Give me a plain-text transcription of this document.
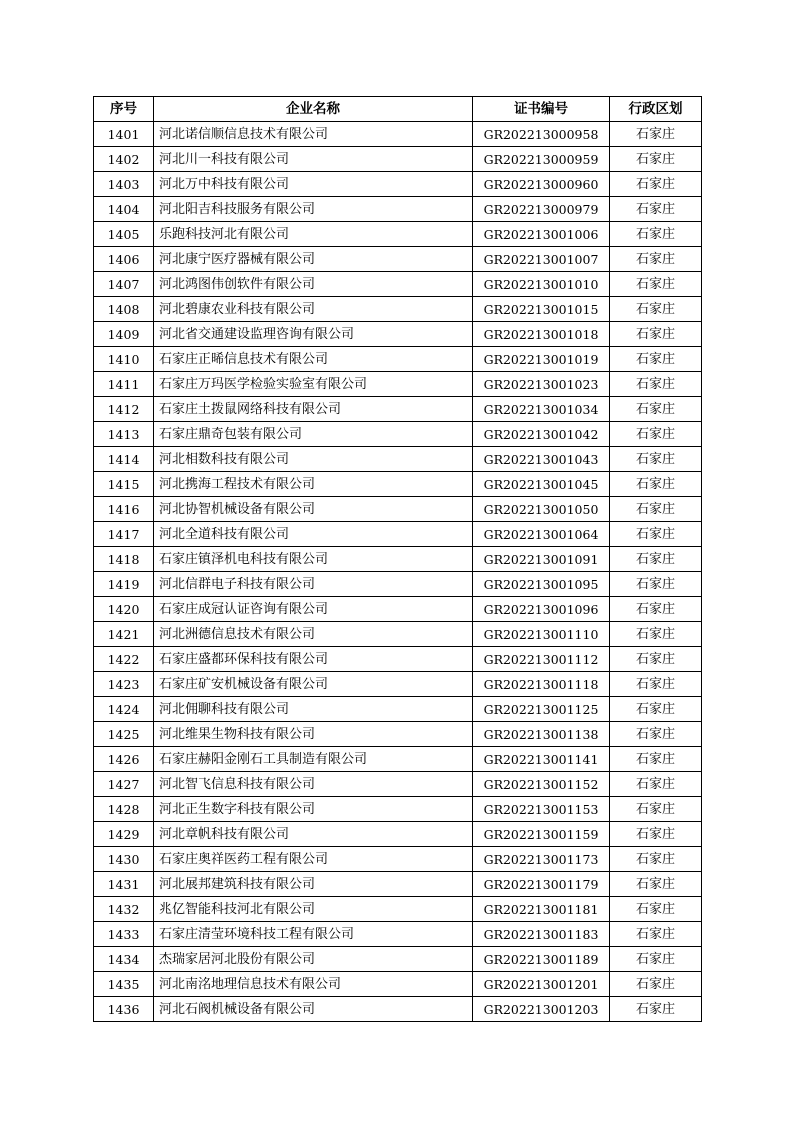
序号	企业名称	证书编号	行政区划
1401	河北诺信顺信息技术有限公司	GR202213000958	石家庄
1402	河北川一科技有限公司	GR202213000959	石家庄
1403	河北万中科技有限公司	GR202213000960	石家庄
1404	河北阳吉科技服务有限公司	GR202213000979	石家庄
1405	乐跑科技河北有限公司	GR202213001006	石家庄
1406	河北康宁医疗器械有限公司	GR202213001007	石家庄
1407	河北鸿图伟创软件有限公司	GR202213001010	石家庄
1408	河北碧康农业科技有限公司	GR202213001015	石家庄
1409	河北省交通建设监理咨询有限公司	GR202213001018	石家庄
1410	石家庄正晞信息技术有限公司	GR202213001019	石家庄
1411	石家庄万玛医学检验实验室有限公司	GR202213001023	石家庄
1412	石家庄土拨鼠网络科技有限公司	GR202213001034	石家庄
1413	石家庄鼎奇包装有限公司	GR202213001042	石家庄
1414	河北相数科技有限公司	GR202213001043	石家庄
1415	河北携海工程技术有限公司	GR202213001045	石家庄
1416	河北协智机械设备有限公司	GR202213001050	石家庄
1417	河北全道科技有限公司	GR202213001064	石家庄
1418	石家庄镇泽机电科技有限公司	GR202213001091	石家庄
1419	河北信群电子科技有限公司	GR202213001095	石家庄
1420	石家庄成冠认证咨询有限公司	GR202213001096	石家庄
1421	河北洲德信息技术有限公司	GR202213001110	石家庄
1422	石家庄盛都环保科技有限公司	GR202213001112	石家庄
1423	石家庄矿安机械设备有限公司	GR202213001118	石家庄
1424	河北佣聊科技有限公司	GR202213001125	石家庄
1425	河北维果生物科技有限公司	GR202213001138	石家庄
1426	石家庄赫阳金刚石工具制造有限公司	GR202213001141	石家庄
1427	河北智飞信息科技有限公司	GR202213001152	石家庄
1428	河北正生数字科技有限公司	GR202213001153	石家庄
1429	河北章帆科技有限公司	GR202213001159	石家庄
1430	石家庄奥祥医药工程有限公司	GR202213001173	石家庄
1431	河北展邦建筑科技有限公司	GR202213001179	石家庄
1432	兆亿智能科技河北有限公司	GR202213001181	石家庄
1433	石家庄清莹环境科技工程有限公司	GR202213001183	石家庄
1434	杰瑞家居河北股份有限公司	GR202213001189	石家庄
1435	河北南洺地理信息技术有限公司	GR202213001201	石家庄
1436	河北石阀机械设备有限公司	GR202213001203	石家庄
